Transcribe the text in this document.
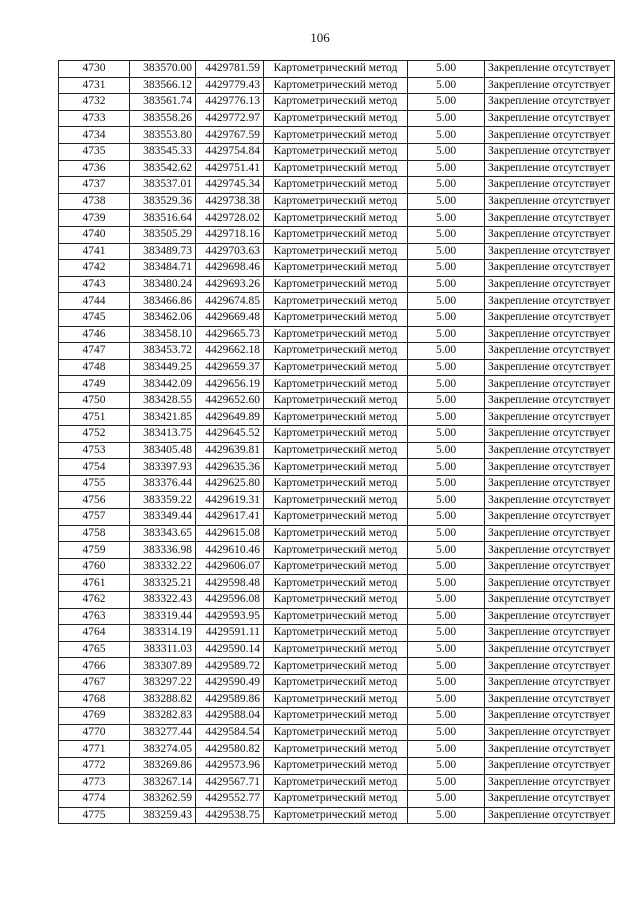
106
4730	383570.00	4429781.59	Картометрический метод	5.00	Закрепление отсутствует
4731	383566.12	4429779.43	Картометрический метод	5.00	Закрепление отсутствует
4732	383561.74	4429776.13	Картометрический метод	5.00	Закрепление отсутствует
4733	383558.26	4429772.97	Картометрический метод	5.00	Закрепление отсутствует
4734	383553.80	4429767.59	Картометрический метод	5.00	Закрепление отсутствует
4735	383545.33	4429754.84	Картометрический метод	5.00	Закрепление отсутствует
4736	383542.62	4429751.41	Картометрический метод	5.00	Закрепление отсутствует
4737	383537.01	4429745.34	Картометрический метод	5.00	Закрепление отсутствует
4738	383529.36	4429738.38	Картометрический метод	5.00	Закрепление отсутствует
4739	383516.64	4429728.02	Картометрический метод	5.00	Закрепление отсутствует
4740	383505.29	4429718.16	Картометрический метод	5.00	Закрепление отсутствует
4741	383489.73	4429703.63	Картометрический метод	5.00	Закрепление отсутствует
4742	383484.71	4429698.46	Картометрический метод	5.00	Закрепление отсутствует
4743	383480.24	4429693.26	Картометрический метод	5.00	Закрепление отсутствует
4744	383466.86	4429674.85	Картометрический метод	5.00	Закрепление отсутствует
4745	383462.06	4429669.48	Картометрический метод	5.00	Закрепление отсутствует
4746	383458.10	4429665.73	Картометрический метод	5.00	Закрепление отсутствует
4747	383453.72	4429662.18	Картометрический метод	5.00	Закрепление отсутствует
4748	383449.25	4429659.37	Картометрический метод	5.00	Закрепление отсутствует
4749	383442.09	4429656.19	Картометрический метод	5.00	Закрепление отсутствует
4750	383428.55	4429652.60	Картометрический метод	5.00	Закрепление отсутствует
4751	383421.85	4429649.89	Картометрический метод	5.00	Закрепление отсутствует
4752	383413.75	4429645.52	Картометрический метод	5.00	Закрепление отсутствует
4753	383405.48	4429639.81	Картометрический метод	5.00	Закрепление отсутствует
4754	383397.93	4429635.36	Картометрический метод	5.00	Закрепление отсутствует
4755	383376.44	4429625.80	Картометрический метод	5.00	Закрепление отсутствует
4756	383359.22	4429619.31	Картометрический метод	5.00	Закрепление отсутствует
4757	383349.44	4429617.41	Картометрический метод	5.00	Закрепление отсутствует
4758	383343.65	4429615.08	Картометрический метод	5.00	Закрепление отсутствует
4759	383336.98	4429610.46	Картометрический метод	5.00	Закрепление отсутствует
4760	383332.22	4429606.07	Картометрический метод	5.00	Закрепление отсутствует
4761	383325.21	4429598.48	Картометрический метод	5.00	Закрепление отсутствует
4762	383322.43	4429596.08	Картометрический метод	5.00	Закрепление отсутствует
4763	383319.44	4429593.95	Картометрический метод	5.00	Закрепление отсутствует
4764	383314.19	4429591.11	Картометрический метод	5.00	Закрепление отсутствует
4765	383311.03	4429590.14	Картометрический метод	5.00	Закрепление отсутствует
4766	383307.89	4429589.72	Картометрический метод	5.00	Закрепление отсутствует
4767	383297.22	4429590.49	Картометрический метод	5.00	Закрепление отсутствует
4768	383288.82	4429589.86	Картометрический метод	5.00	Закрепление отсутствует
4769	383282.83	4429588.04	Картометрический метод	5.00	Закрепление отсутствует
4770	383277.44	4429584.54	Картометрический метод	5.00	Закрепление отсутствует
4771	383274.05	4429580.82	Картометрический метод	5.00	Закрепление отсутствует
4772	383269.86	4429573.96	Картометрический метод	5.00	Закрепление отсутствует
4773	383267.14	4429567.71	Картометрический метод	5.00	Закрепление отсутствует
4774	383262.59	4429552.77	Картометрический метод	5.00	Закрепление отсутствует
4775	383259.43	4429538.75	Картометрический метод	5.00	Закрепление отсутствует
